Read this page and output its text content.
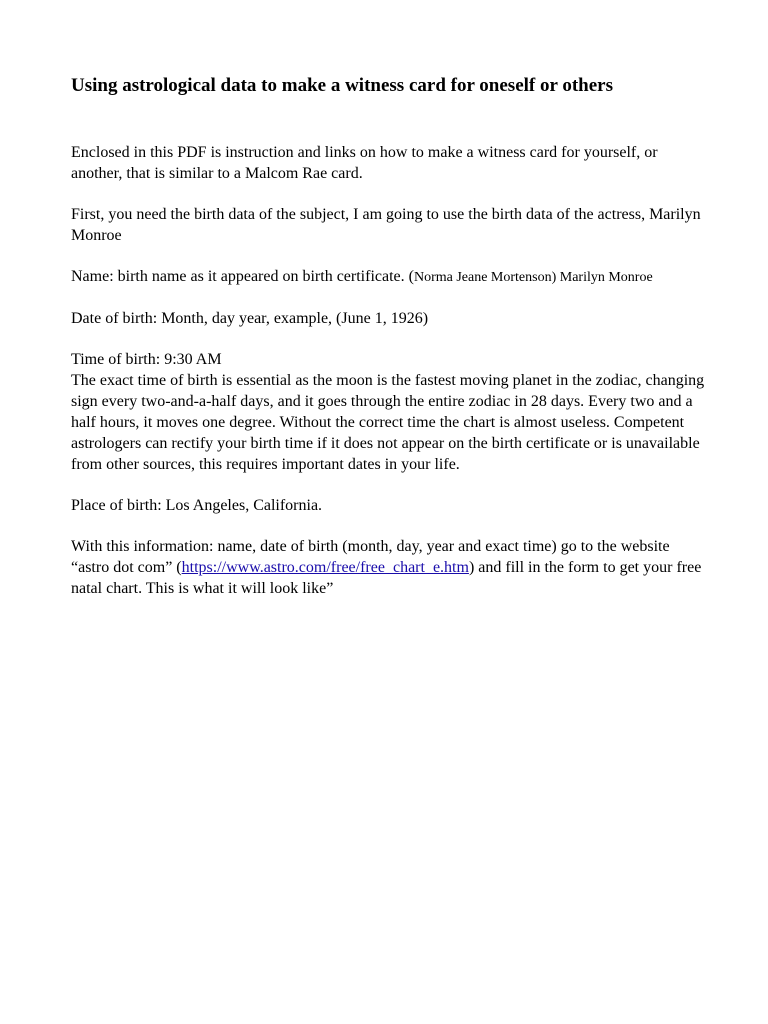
Using astrological data to make a witness card for oneself or others

Enclosed in this PDF is instruction and links on how to make a witness card for yourself, or another, that is similar to a Malcom Rae card.

First, you need the birth data of the subject, I am going to use the birth data of the actress, Marilyn Monroe

Name: birth name as it appeared on birth certificate. (Norma Jeane Mortenson) Marilyn Monroe

Date of birth: Month, day year, example, (June 1, 1926)

Time of birth: 9:30 AM

The exact time of birth is essential as the moon is the fastest moving planet in the zodiac, changing sign every two-and-a-half days, and it goes through the entire zodiac in 28 days. Every two and a half hours, it moves one degree. Without the correct time the chart is almost useless. Competent astrologers can rectify your birth time if it does not appear on the birth certificate or is unavailable from other sources, this requires important dates in your life.

Place of birth: Los Angeles, California.

With this information: name, date of birth (month, day, year and exact time) go to the website “astro dot com” (https://www.astro.com/free/free_chart_e.htm) and fill in the form to get your free natal chart. This is what it will look like”
